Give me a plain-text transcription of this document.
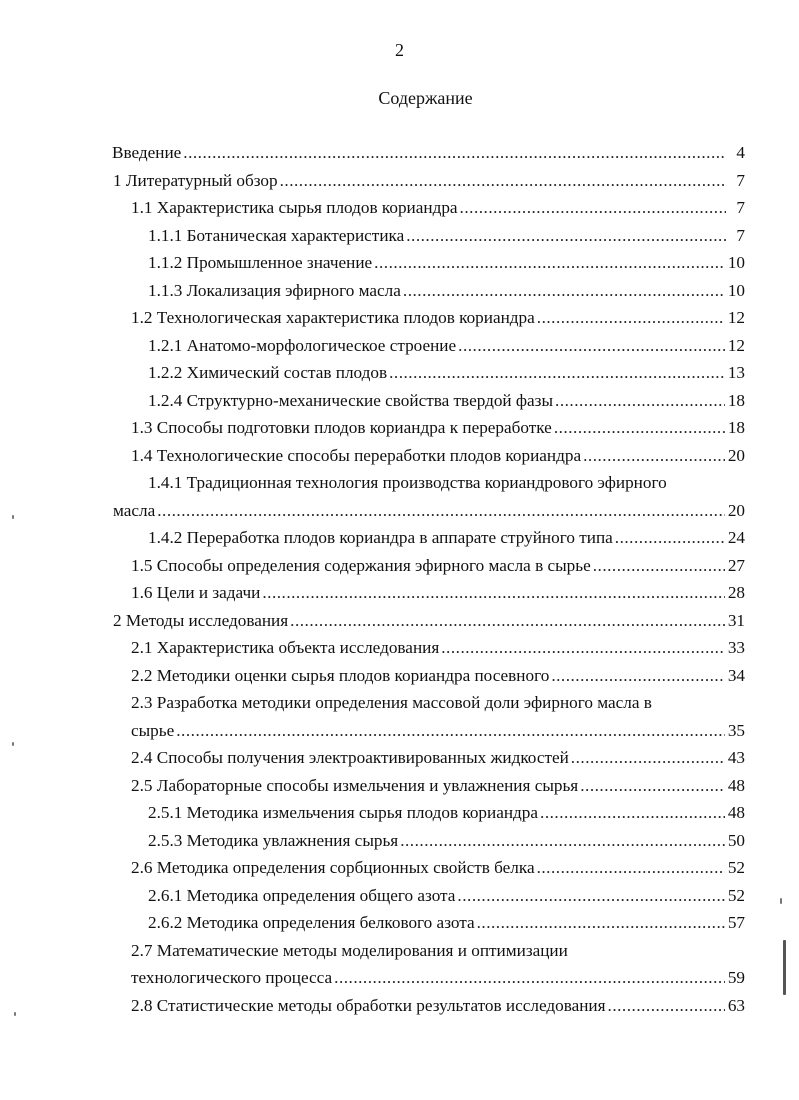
2
Содержание
Введение .....	4
1 Литературный обзор .....	7
1.1 Характеристика сырья плодов кориандра .....	7
1.1.1 Ботаническая характеристика .....	7
1.1.2 Промышленное значение .....	10
1.1.3 Локализация эфирного масла .....	10
1.2 Технологическая характеристика плодов кориандра .....	12
1.2.1 Анатомо-морфологическое строение .....	12
1.2.2 Химический состав плодов .....	13
1.2.4 Структурно-механические свойства твердой фазы .....	18
1.3 Способы подготовки плодов кориандра к переработке .....	18
1.4 Технологические способы переработки плодов кориандра .....	20
1.4.1 Традиционная технология производства кориандрового эфирного
масла .....	20
1.4.2 Переработка плодов кориандра в аппарате струйного типа .....	24
1.5 Способы определения содержания эфирного масла в сырье .....	27
1.6 Цели и задачи .....	28
2 Методы исследования .....	31
2.1 Характеристика объекта исследования .....	33
2.2 Методики оценки сырья плодов кориандра посевного .....	34
2.3 Разработка методики определения массовой доли эфирного масла в
сырье .....	35
2.4 Способы получения электроактивированных жидкостей .....	43
2.5 Лабораторные способы измельчения и увлажнения сырья .....	48
2.5.1 Методика измельчения сырья плодов кориандра .....	48
2.5.3 Методика увлажнения сырья .....	50
2.6 Методика определения сорбционных свойств белка .....	52
2.6.1 Методика определения общего азота .....	52
2.6.2 Методика определения белкового азота .....	57
2.7 Математические методы моделирования и оптимизации
технологического процесса .....	59
2.8 Статистические методы обработки результатов исследования .....	63
